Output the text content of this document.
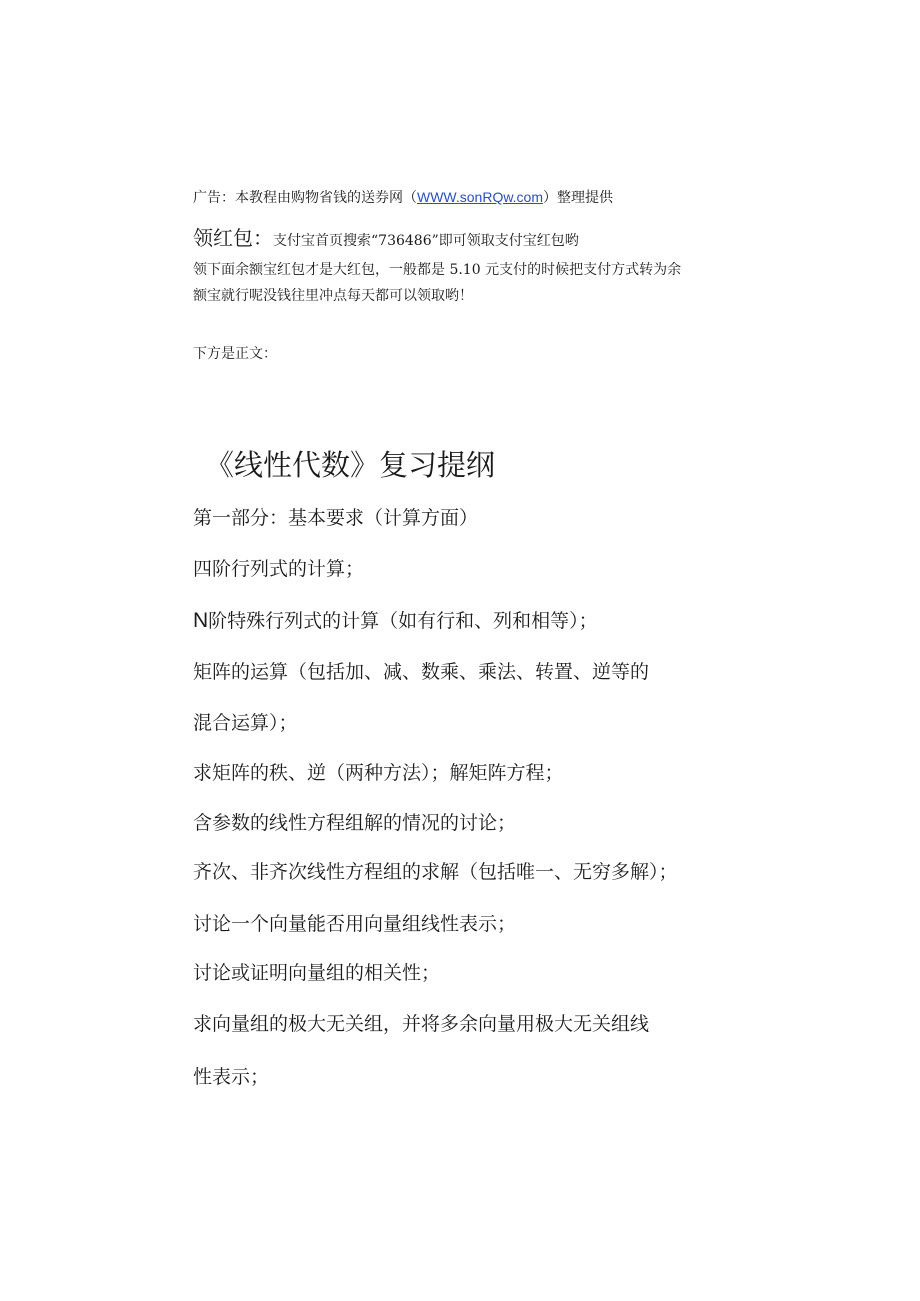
广告：本教程由购物省钱的送券网（WWW.sonRQw.com）整理提供
领红包：支付宝首页搜索“736486”即可领取支付宝红包哟
领下面余额宝红包才是大红包，一般都是 5.10 元支付的时候把支付方式转为余
额宝就行呢没钱往里冲点每天都可以领取哟！
下方是正文：
《线性代数》复习提纲
第一部分：基本要求（计算方面）
四阶行列式的计算；
N阶特殊行列式的计算（如有行和、列和相等）；
矩阵的运算（包括加、减、数乘、乘法、转置、逆等的
混合运算）；
求矩阵的秩、逆（两种方法）；解矩阵方程；
含参数的线性方程组解的情况的讨论；
齐次、非齐次线性方程组的求解（包括唯一、无穷多解）；
讨论一个向量能否用向量组线性表示；
讨论或证明向量组的相关性；
求向量组的极大无关组，并将多余向量用极大无关组线
性表示；
